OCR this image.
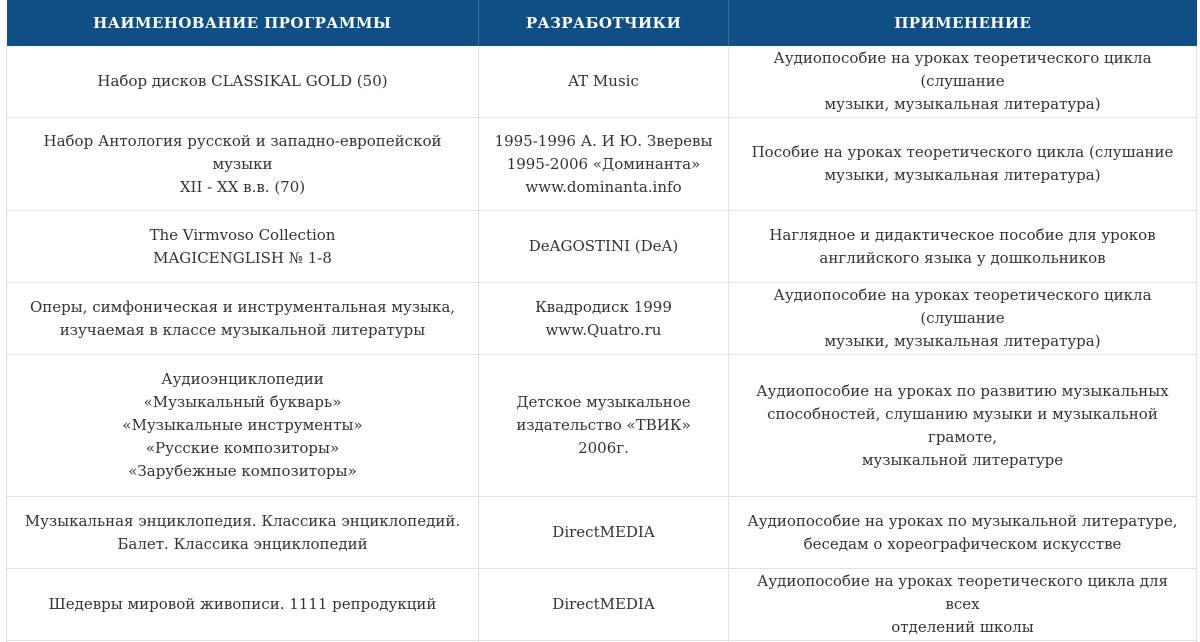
НАИМЕНОВАНИЕ ПРОГРАММЫ	РАЗРАБОТЧИКИ	ПРИМЕНЕНИЕ

Набор дисков CLASSIKAL GOLD (50)	AT Music	Аудиопособие на уроках теоретического цикла (слушание
музыки, музыкальная литература)

Набор Антология русской и западно-европейской музыки
XII - XX в.в. (70)	1995-1996 А. И Ю. Зверевы
1995-2006 «Доминанта»
www.dominanta.info	Пособие на уроках теоретического цикла (слушание
музыки, музыкальная литература)

The Virmvoso Collection
MAGICENGLISH № 1-8	DeAGOSTINI (DeA)	Наглядное и дидактическое пособие для уроков
английского языка у дошкольников

Оперы, симфоническая и инструментальная музыка,
изучаемая в классе музыкальной литературы	Квадродиск 1999
www.Quatro.ru	Аудиопособие на уроках теоретического цикла (слушание
музыки, музыкальная литература)

Аудиоэнциклопедии
«Музыкальный букварь»
«Музыкальные инструменты»
«Русские композиторы»
«Зарубежные композиторы»	Детское музыкальное
издательство «ТВИК» 2006г.	Аудиопособие на уроках по развитию музыкальных
способностей, слушанию музыки и музыкальной грамоте,
музыкальной литературе

Музыкальная энциклопедия. Классика энциклопедий.
Балет. Классика энциклопедий	DirectMEDIA	Аудиопособие на уроках по музыкальной литературе,
беседам о хореографическом искусстве

Шедевры мировой живописи. 1111 репродукций	DirectMEDIA	Аудиопособие на уроках теоретического цикла для всех
отделений школы
